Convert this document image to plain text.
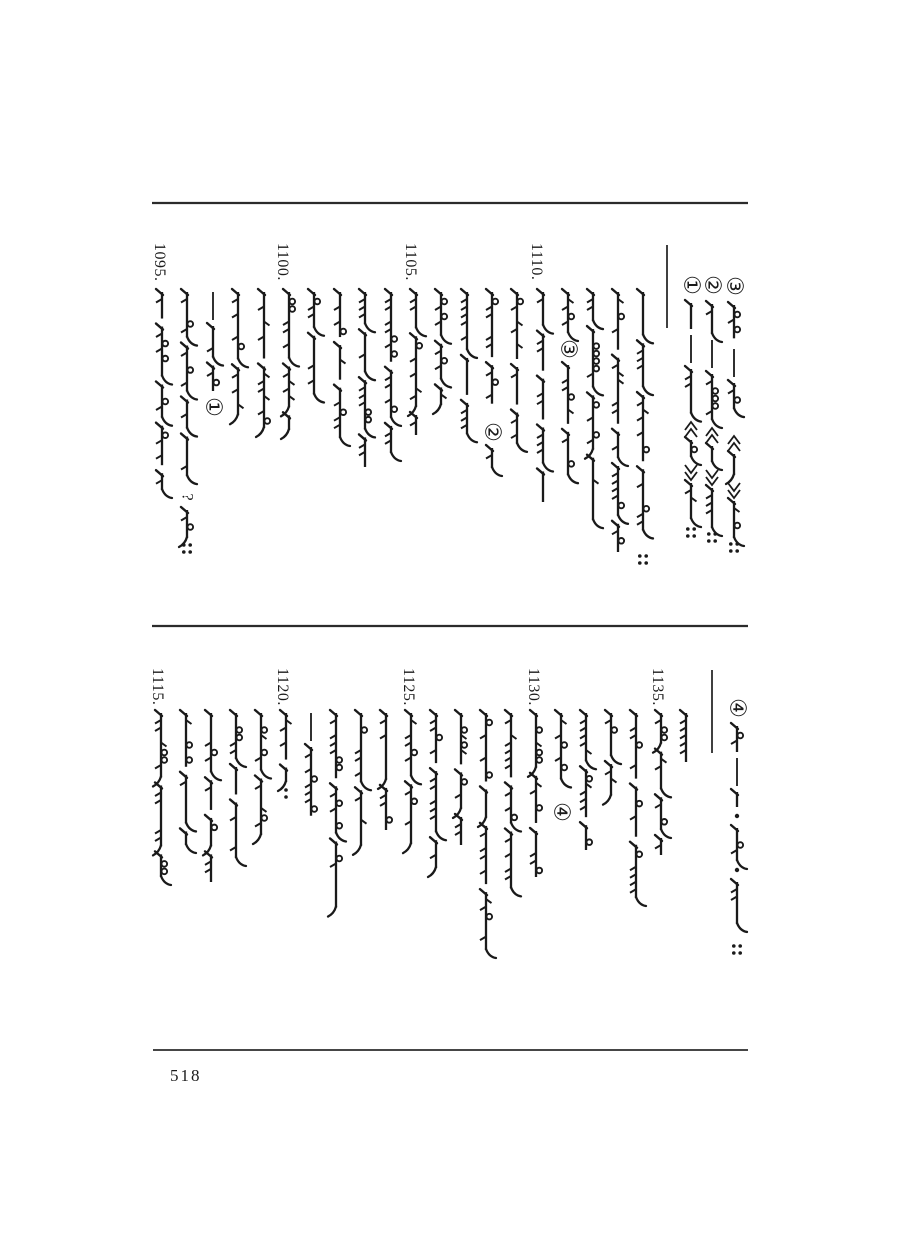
1095.	1100.	1105.	1110.
?
①
②
③
①
②
③
1115.	1120.	1125.	1130.	1135.
④
④
518
